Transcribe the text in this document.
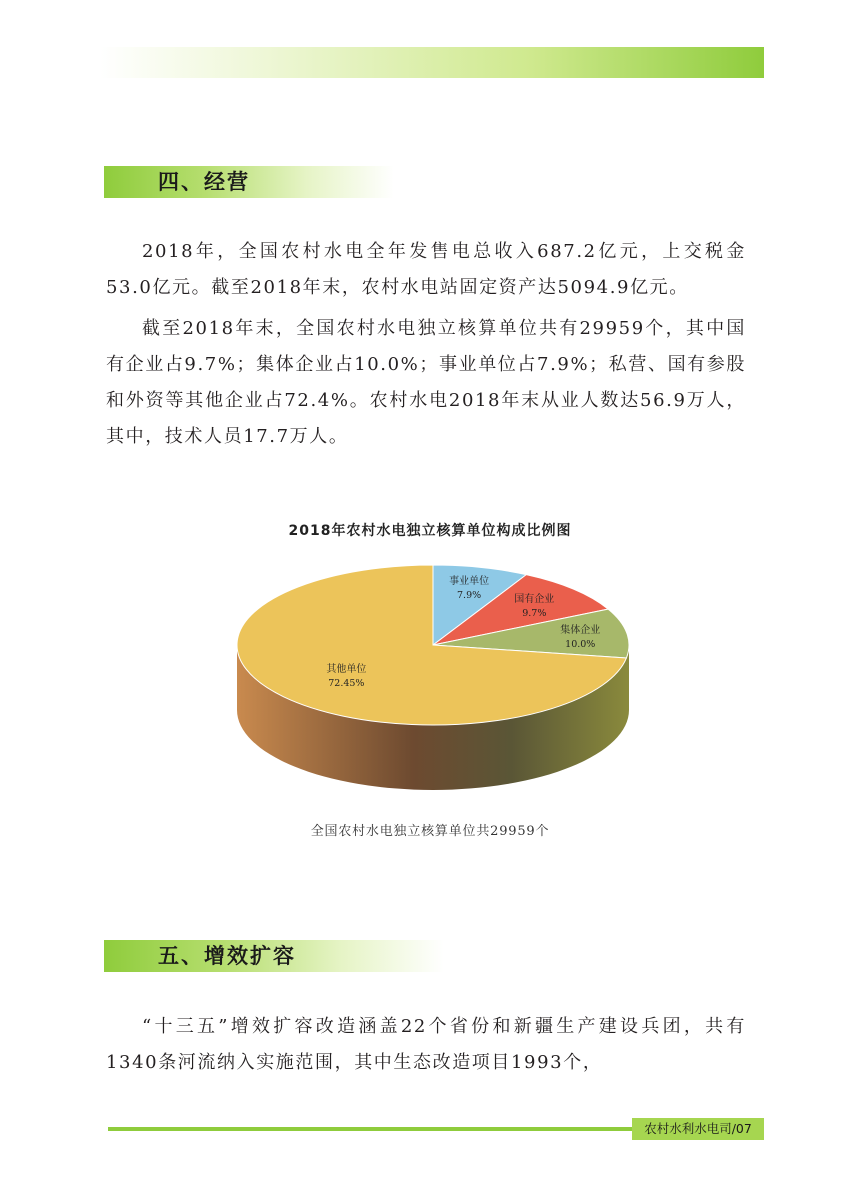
四、经营

2018年，全国农村水电全年发售电总收入687.2亿元，上交税金53.0亿元。截至2018年末，农村水电站固定资产达5094.9亿元。

截至2018年末，全国农村水电独立核算单位共有29959个，其中国有企业占9.7%；集体企业占10.0%；事业单位占7.9%；私营、国有参股和外资等其他企业占72.4%。农村水电2018年末从业人数达56.9万人，其中，技术人员17.7万人。

2018年农村水电独立核算单位构成比例图
事业单位
7.9%	国有企业
9.7%
集体企业
10.0%
其他单位
72.45%
全国农村水电独立核算单位共29959个
五、增效扩容

“十三五”增效扩容改造涵盖22个省份和新疆生产建设兵团，共有1340条河流纳入实施范围，其中生态改造项目1993个，

农村水利水电司/07
